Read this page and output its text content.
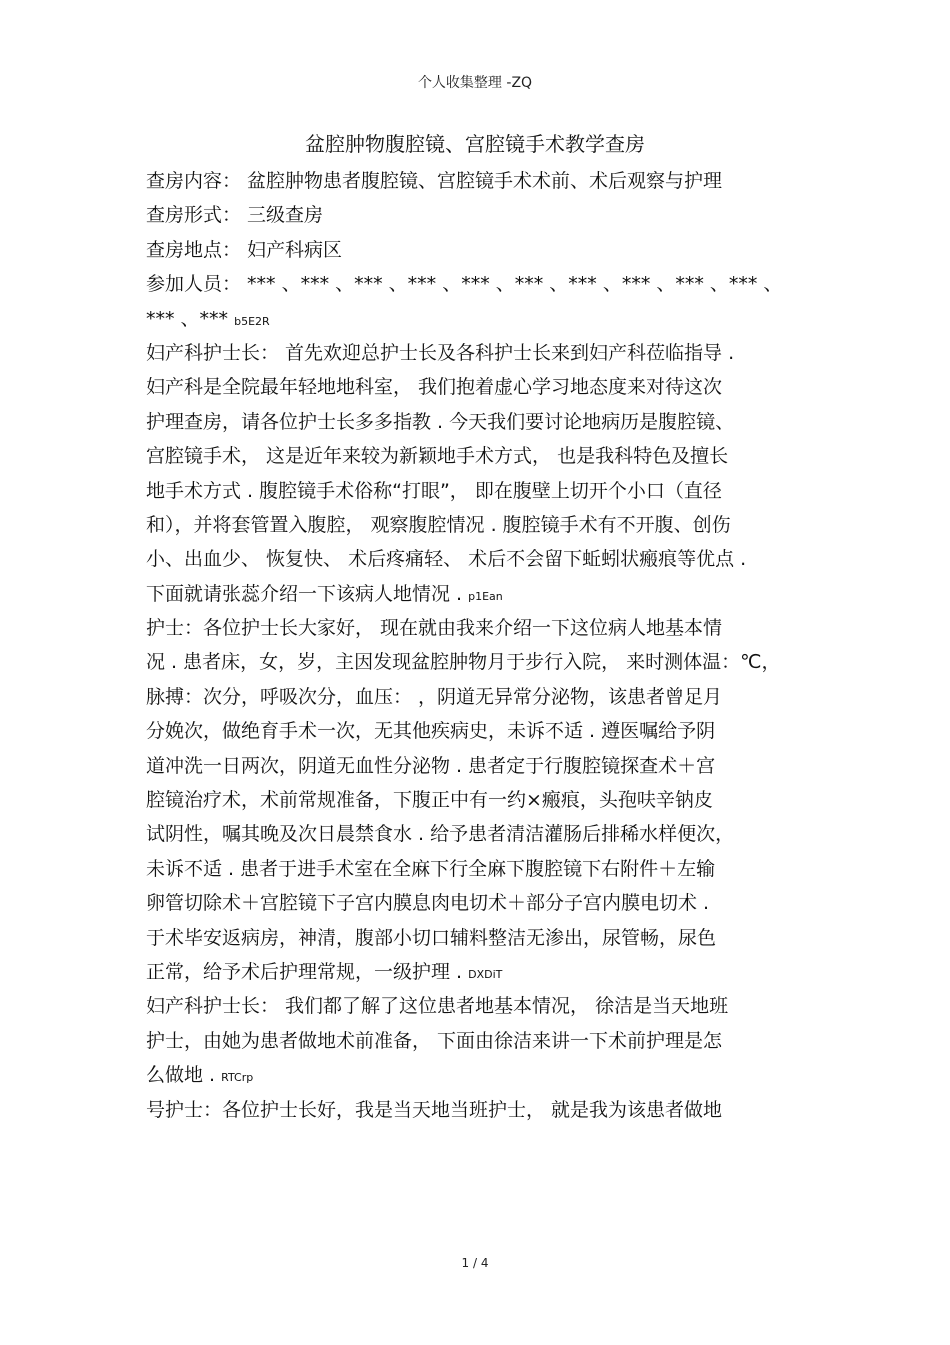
个人收集整理 -ZQ
盆腔肿物腹腔镜、宫腔镜手术教学查房
查房内容： 盆腔肿物患者腹腔镜、宫腔镜手术术前、术后观察与护理
查房形式： 三级查房
查房地点： 妇产科病区
参加人员： *** 、*** 、*** 、*** 、*** 、*** 、*** 、*** 、*** 、*** 、
*** 、*** b5E2R
妇产科护士长： 首先欢迎总护士长及各科护士长来到妇产科莅临指导 .
妇产科是全院最年轻地地科室， 我们抱着虚心学习地态度来对待这次
护理查房，请各位护士长多多指教 . 今天我们要讨论地病历是腹腔镜、
宫腔镜手术， 这是近年来较为新颖地手术方式， 也是我科特色及擅长
地手术方式 . 腹腔镜手术俗称“打眼”， 即在腹壁上切开个小口（直径
和），并将套管置入腹腔， 观察腹腔情况 . 腹腔镜手术有不开腹、创伤
小、出血少、 恢复快、 术后疼痛轻、 术后不会留下蚯蚓状瘢痕等优点 .
下面就请张蕊介绍一下该病人地情况 . p1Ean
护士：各位护士长大家好， 现在就由我来介绍一下这位病人地基本情
况 . 患者床，女，岁，主因发现盆腔肿物月于步行入院， 来时测体温：℃，
脉搏：次分，呼吸次分，血压： ，阴道无异常分泌物，该患者曾足月
分娩次，做绝育手术一次，无其他疾病史，未诉不适 . 遵医嘱给予阴
道冲洗一日两次，阴道无血性分泌物 . 患者定于行腹腔镜探查术＋宫
腔镜治疗术，术前常规准备，下腹正中有一约×瘢痕，头孢呋辛钠皮
试阴性，嘱其晚及次日晨禁食水 . 给予患者清洁灌肠后排稀水样便次，
未诉不适 . 患者于进手术室在全麻下行全麻下腹腔镜下右附件＋左输
卵管切除术＋宫腔镜下子宫内膜息肉电切术＋部分子宫内膜电切术 .
于术毕安返病房，神清，腹部小切口辅料整洁无渗出，尿管畅，尿色
正常，给予术后护理常规，一级护理 . DXDiT
妇产科护士长： 我们都了解了这位患者地基本情况， 徐洁是当天地班
护士，由她为患者做地术前准备， 下面由徐洁来讲一下术前护理是怎
么做地 . RTCrp
号护士：各位护士长好，我是当天地当班护士， 就是我为该患者做地
1 / 4
